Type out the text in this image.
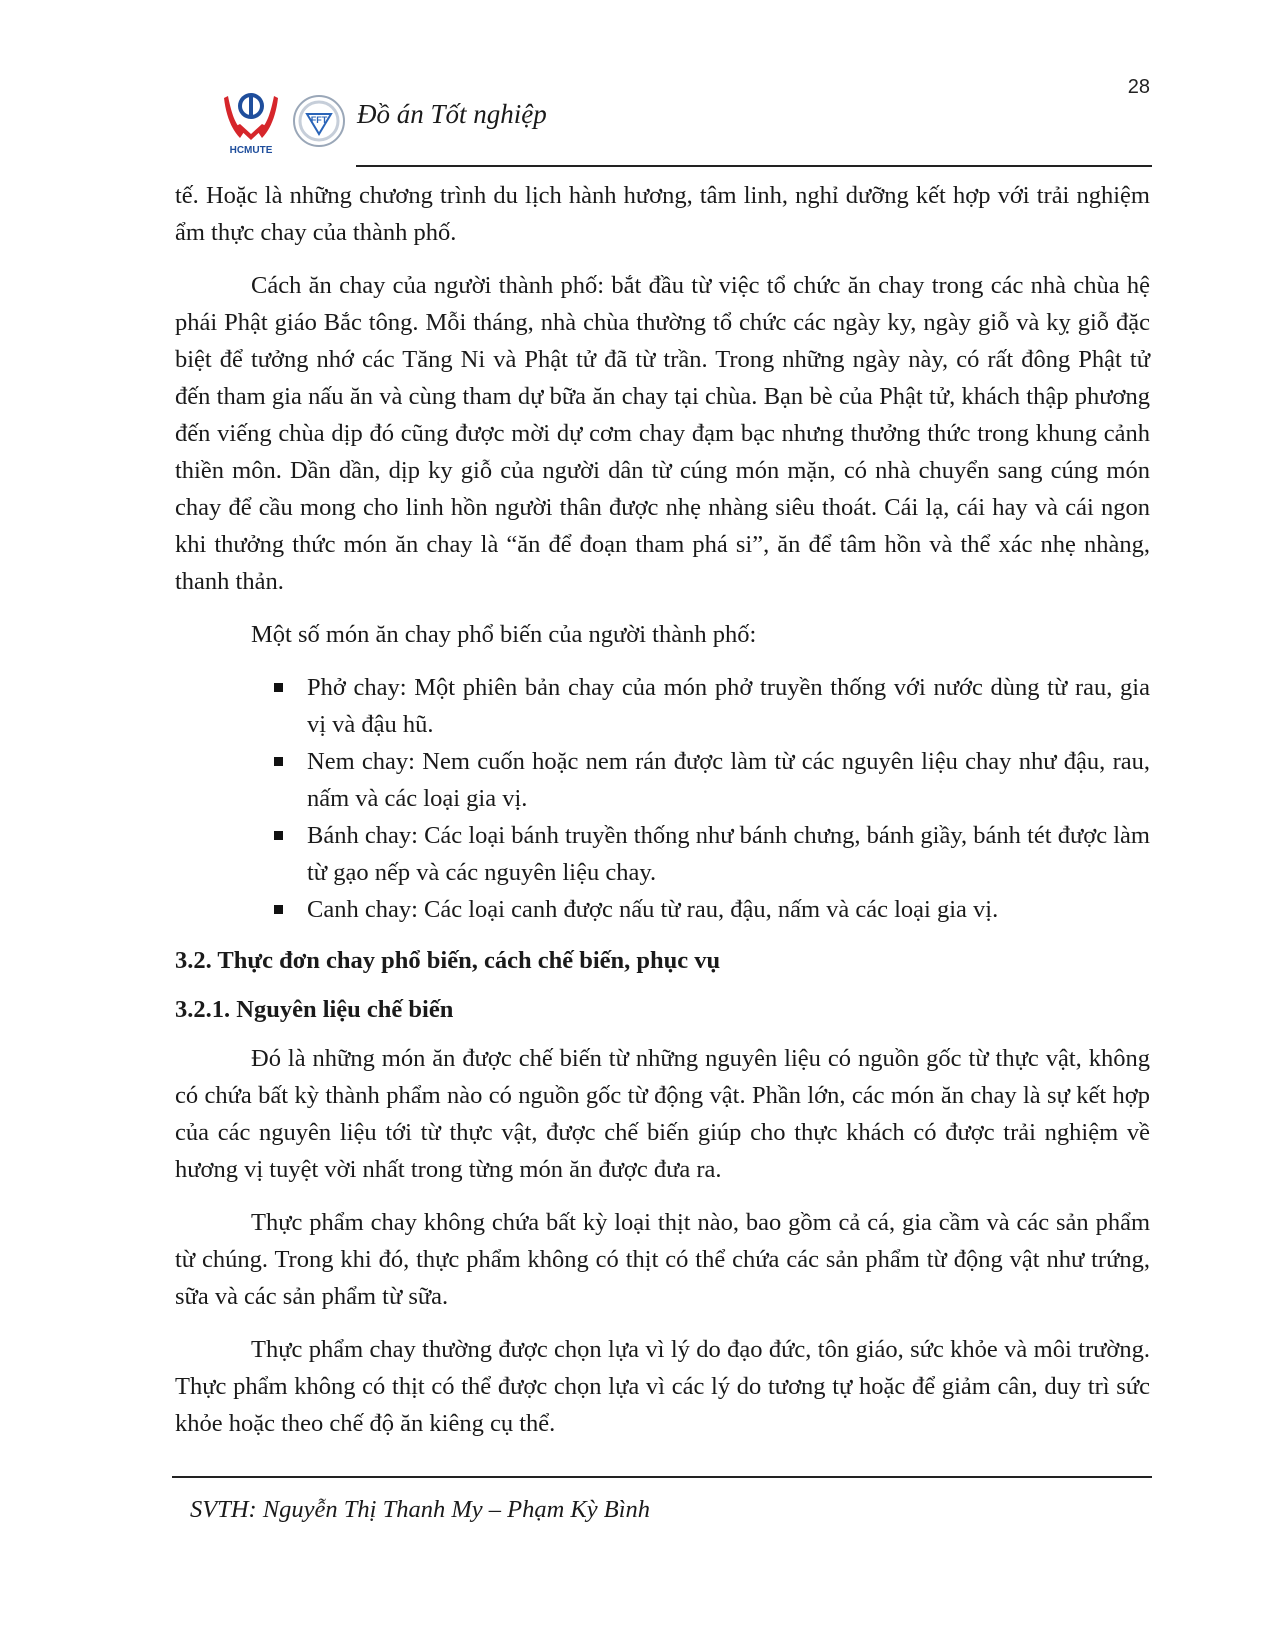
HCMUTE
FFT Đồ án Tốt nghiệp
28

tế. Hoặc là những chương trình du lịch hành hương, tâm linh, nghỉ dưỡng kết hợp với trải nghiệm ẩm thực chay của thành phố.

Cách ăn chay của người thành phố: bắt đầu từ việc tổ chức ăn chay trong các nhà chùa hệ phái Phật giáo Bắc tông. Mỗi tháng, nhà chùa thường tổ chức các ngày ky, ngày giỗ và kỵ giỗ đặc biệt để tưởng nhớ các Tăng Ni và Phật tử đã từ trần. Trong những ngày này, có rất đông Phật tử đến tham gia nấu ăn và cùng tham dự bữa ăn chay tại chùa. Bạn bè của Phật tử, khách thập phương đến viếng chùa dịp đó cũng được mời dự cơm chay đạm bạc nhưng thưởng thức trong khung cảnh thiền môn. Dần dần, dịp ky giỗ của người dân từ cúng món mặn, có nhà chuyển sang cúng món chay để cầu mong cho linh hồn người thân được nhẹ nhàng siêu thoát. Cái lạ, cái hay và cái ngon khi thưởng thức món ăn chay là “ăn để đoạn tham phá si”, ăn để tâm hồn và thể xác nhẹ nhàng, thanh thản.

Một số món ăn chay phổ biến của người thành phố:

Phở chay: Một phiên bản chay của món phở truyền thống với nước dùng từ rau, gia vị và đậu hũ.
Nem chay: Nem cuốn hoặc nem rán được làm từ các nguyên liệu chay như đậu, rau, nấm và các loại gia vị.
Bánh chay: Các loại bánh truyền thống như bánh chưng, bánh giầy, bánh tét được làm từ gạo nếp và các nguyên liệu chay.
Canh chay: Các loại canh được nấu từ rau, đậu, nấm và các loại gia vị.
3.2. Thực đơn chay phổ biến, cách chế biến, phục vụ
3.2.1. Nguyên liệu chế biến

Đó là những món ăn được chế biến từ những nguyên liệu có nguồn gốc từ thực vật, không có chứa bất kỳ thành phẩm nào có nguồn gốc từ động vật. Phần lớn, các món ăn chay là sự kết hợp của các nguyên liệu tới từ thực vật, được chế biến giúp cho thực khách có được trải nghiệm về hương vị tuyệt vời nhất trong từng món ăn được đưa ra.

Thực phẩm chay không chứa bất kỳ loại thịt nào, bao gồm cả cá, gia cầm và các sản phẩm từ chúng. Trong khi đó, thực phẩm không có thịt có thể chứa các sản phẩm từ động vật như trứng, sữa và các sản phẩm từ sữa.

Thực phẩm chay thường được chọn lựa vì lý do đạo đức, tôn giáo, sức khỏe và môi trường. Thực phẩm không có thịt có thể được chọn lựa vì các lý do tương tự hoặc để giảm cân, duy trì sức khỏe hoặc theo chế độ ăn kiêng cụ thể.

SVTH: Nguyễn Thị Thanh My – Phạm Kỳ Bình
